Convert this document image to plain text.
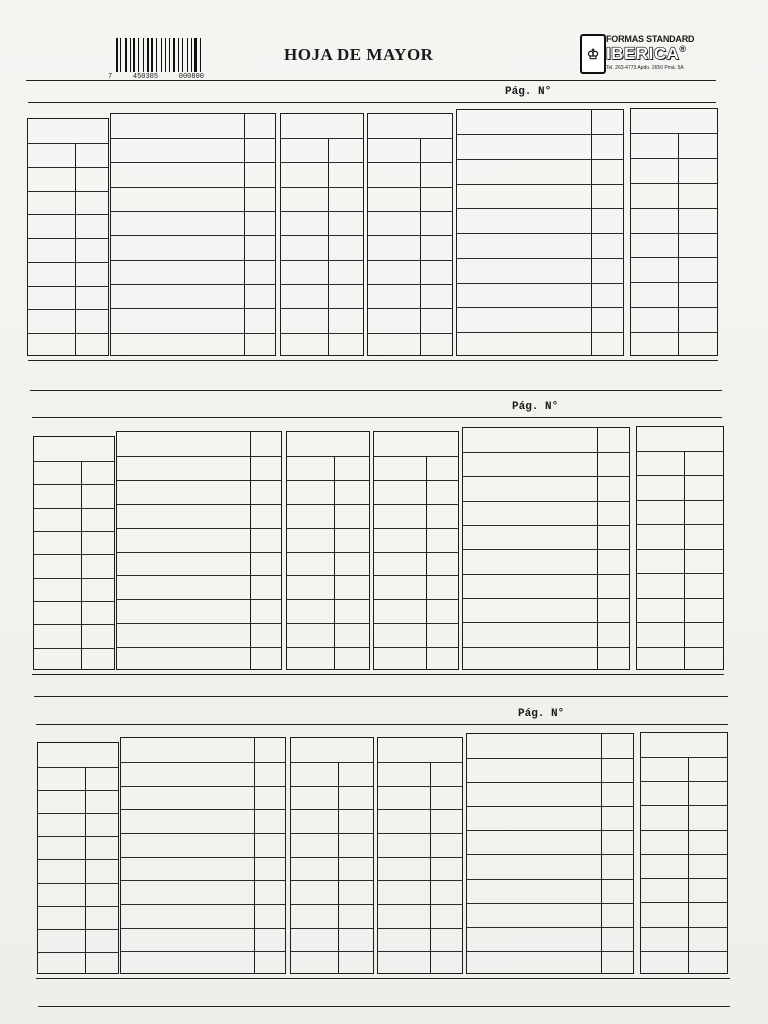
7	450305	000800
HOJA DE MAYOR	♔
FORMAS STANDARD
IBERICA®
Tel. 263-4773 Apdo. 2650 Pmá. 5A
Pág. N°
Pág. N°
Pág. N°
